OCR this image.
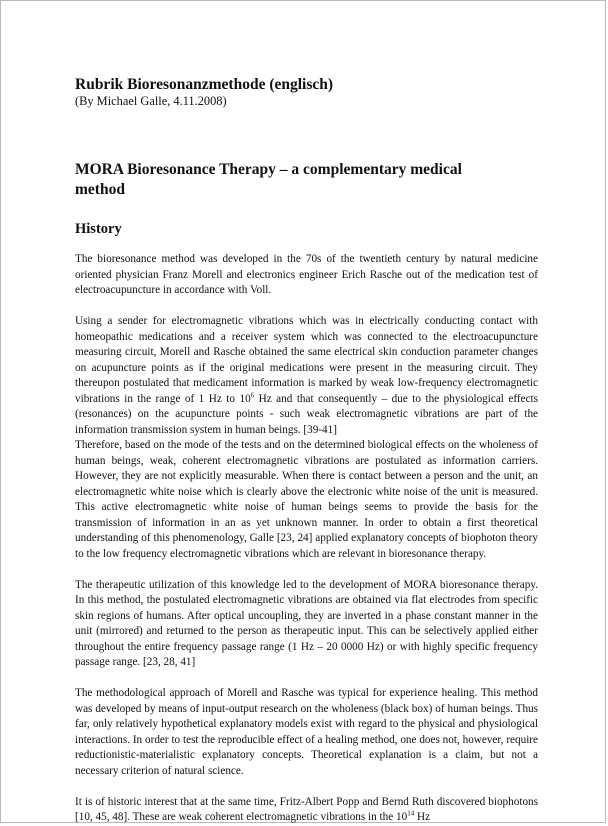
Rubrik Bioresonanzmethode (englisch)

(By Michael Galle, 4.11.2008)

MORA Bioresonance Therapy – a complementary medical
method
History

The bioresonance method was developed in the 70s of the twentieth century by natural medicine oriented physician Franz Morell and electronics engineer Erich Rasche out of the medication test of electroacupuncture in accordance with Voll.

Using a sender for electromagnetic vibrations which was in electrically conducting contact with homeopathic medications and a receiver system which was connected to the electroacupuncture measuring circuit, Morell and Rasche obtained the same electrical skin conduction parameter changes on acupuncture points as if the original medications were present in the measuring circuit. They thereupon postulated that medicament information is marked by weak low-frequency electromagnetic vibrations in the range of 1 Hz to $10^6$ Hz and that consequently – due to the physiological effects (resonances) on the acupuncture points - such weak electromagnetic vibrations are part of the information transmission system in human beings. [39-41]

Therefore, based on the mode of the tests and on the determined biological effects on the wholeness of human beings, weak, coherent electromagnetic vibrations are postulated as information carriers. However, they are not explicitly measurable. When there is contact between a person and the unit, an electromagnetic white noise which is clearly above the electronic white noise of the unit is measured. This active electromagnetic white noise of human beings seems to provide the basis for the transmission of information in an as yet unknown manner. In order to obtain a first theoretical understanding of this phenomenology, Galle [23, 24] applied explanatory concepts of biophoton theory to the low frequency electromagnetic vibrations which are relevant in bioresonance therapy.

The therapeutic utilization of this knowledge led to the development of MORA bioresonance therapy. In this method, the postulated electromagnetic vibrations are obtained via flat electrodes from specific skin regions of humans. After optical uncoupling, they are inverted in a phase constant manner in the unit (mirrored) and returned to the person as therapeutic input. This can be selectively applied either throughout the entire frequency passage range (1 Hz – 20 0000 Hz) or with highly specific frequency passage range. [23, 28, 41]

The methodological approach of Morell and Rasche was typical for experience healing. This method was developed by means of input-output research on the wholeness (black box) of human beings. Thus far, only relatively hypothetical explanatory models exist with regard to the physical and physiological interactions. In order to test the reproducible effect of a healing method, one does not, however, require reductionistic-materialistic explanatory concepts. Theoretical explanation is a claim, but not a necessary criterion of natural science.

It is of historic interest that at the same time, Fritz-Albert Popp and Bernd Ruth discovered biophotons [10, 45, 48]. These are weak coherent electromagnetic vibrations in the $10^{14}$ Hz
